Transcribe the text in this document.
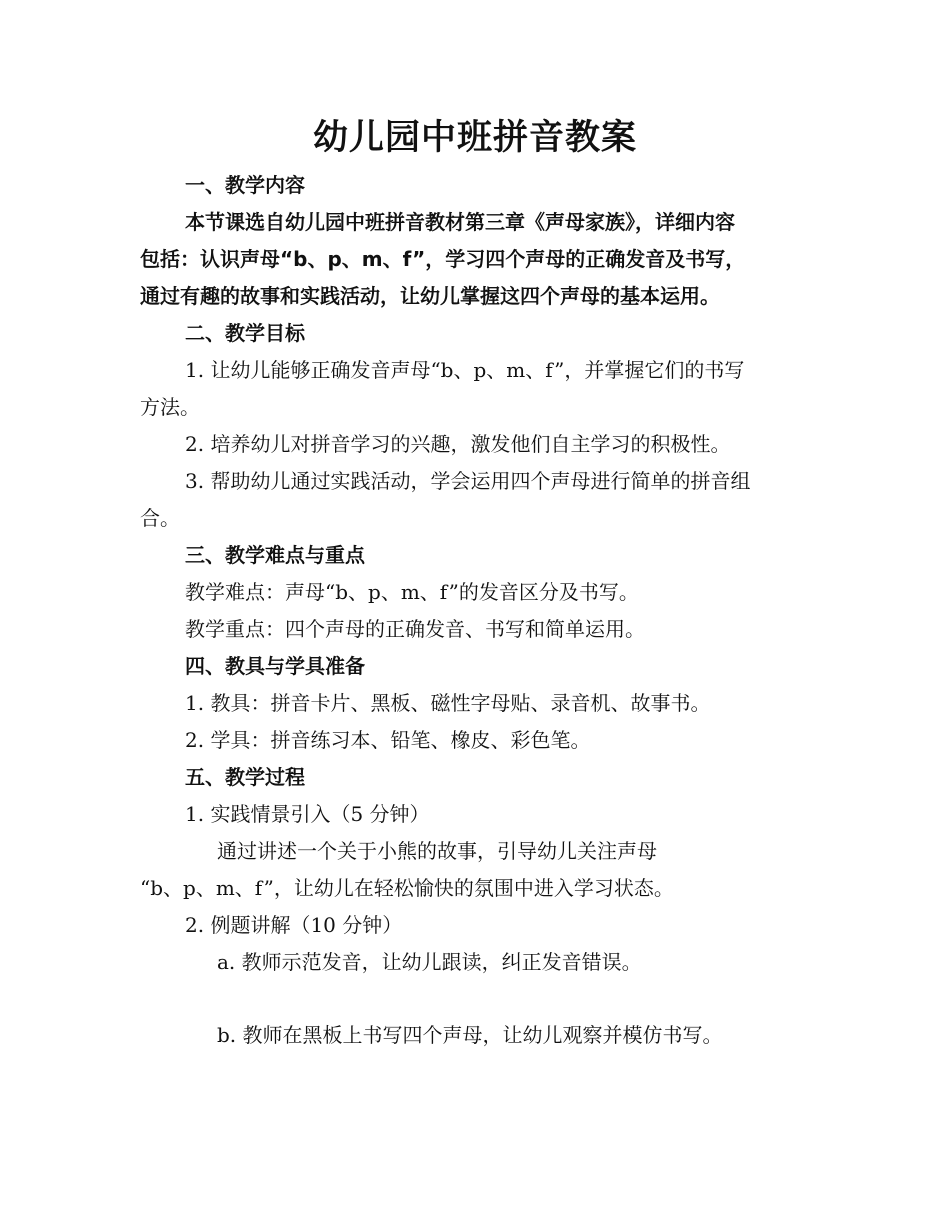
幼儿园中班拼音教案
一、教学内容
本节课选自幼儿园中班拼音教材第三章《声母家族》，详细内容
包括：认识声母“b、p、m、f”，学习四个声母的正确发音及书写，
通过有趣的故事和实践活动，让幼儿掌握这四个声母的基本运用。
二、教学目标
1. 让幼儿能够正确发音声母“b、p、m、f”，并掌握它们的书写
方法。
2. 培养幼儿对拼音学习的兴趣，激发他们自主学习的积极性。
3. 帮助幼儿通过实践活动，学会运用四个声母进行简单的拼音组
合。
三、教学难点与重点
教学难点：声母“b、p、m、f”的发音区分及书写。
教学重点：四个声母的正确发音、书写和简单运用。
四、教具与学具准备
1. 教具：拼音卡片、黑板、磁性字母贴、录音机、故事书。
2. 学具：拼音练习本、铅笔、橡皮、彩色笔。
五、教学过程
1. 实践情景引入（5 分钟）
通过讲述一个关于小熊的故事，引导幼儿关注声母
“b、p、m、f”，让幼儿在轻松愉快的氛围中进入学习状态。
2. 例题讲解（10 分钟）
a. 教师示范发音，让幼儿跟读，纠正发音错误。
b. 教师在黑板上书写四个声母，让幼儿观察并模仿书写。
